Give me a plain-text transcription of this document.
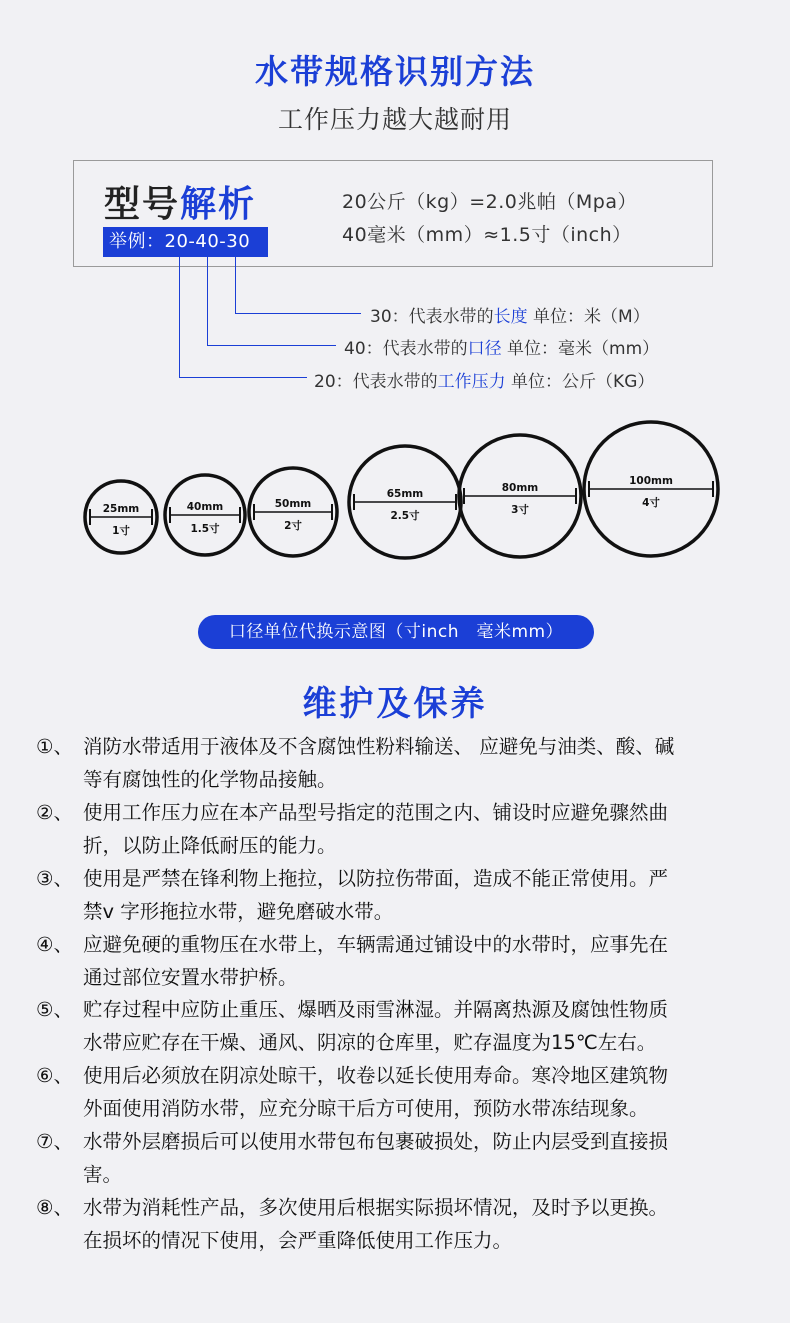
水带规格识别方法
工作压力越大越耐用
型号解析
举例：20-40-30
20公斤（kg）=2.0兆帕（Mpa）
40毫米（mm）≈1.5寸（inch）
30：代表水带的长度 单位：米（M）
40：代表水带的口径 单位：毫米（mm）
20：代表水带的工作压力 单位：公斤（KG）
25mm
1寸
40mm
1.5寸
50mm
2寸
65mm
2.5寸
80mm
3寸
100mm
4寸
口径单位代换示意图（寸inch　毫米mm）
维护及保养
①、 消防水带适用于液体及不含腐蚀性粉料输送、 应避免与油类、酸、碱
等有腐蚀性的化学物品接触。
②、 使用工作压力应在本产品型号指定的范围之内、铺设时应避免骤然曲
折，以防止降低耐压的能力。
③、 使用是严禁在锋利物上拖拉，以防拉伤带面，造成不能正常使用。严
禁v 字形拖拉水带，避免磨破水带。
④、 应避免硬的重物压在水带上，车辆需通过铺设中的水带时，应事先在
通过部位安置水带护桥。
⑤、 贮存过程中应防止重压、爆晒及雨雪淋湿。并隔离热源及腐蚀性物质
水带应贮存在干燥、通风、阴凉的仓库里，贮存温度为15℃左右。
⑥、 使用后必须放在阴凉处晾干，收卷以延长使用寿命。寒冷地区建筑物
外面使用消防水带，应充分晾干后方可使用，预防水带冻结现象。
⑦、 水带外层磨损后可以使用水带包布包裹破损处，防止内层受到直接损
害。
⑧、 水带为消耗性产品，多次使用后根据实际损坏情况，及时予以更换。
在损坏的情况下使用，会严重降低使用工作压力。
